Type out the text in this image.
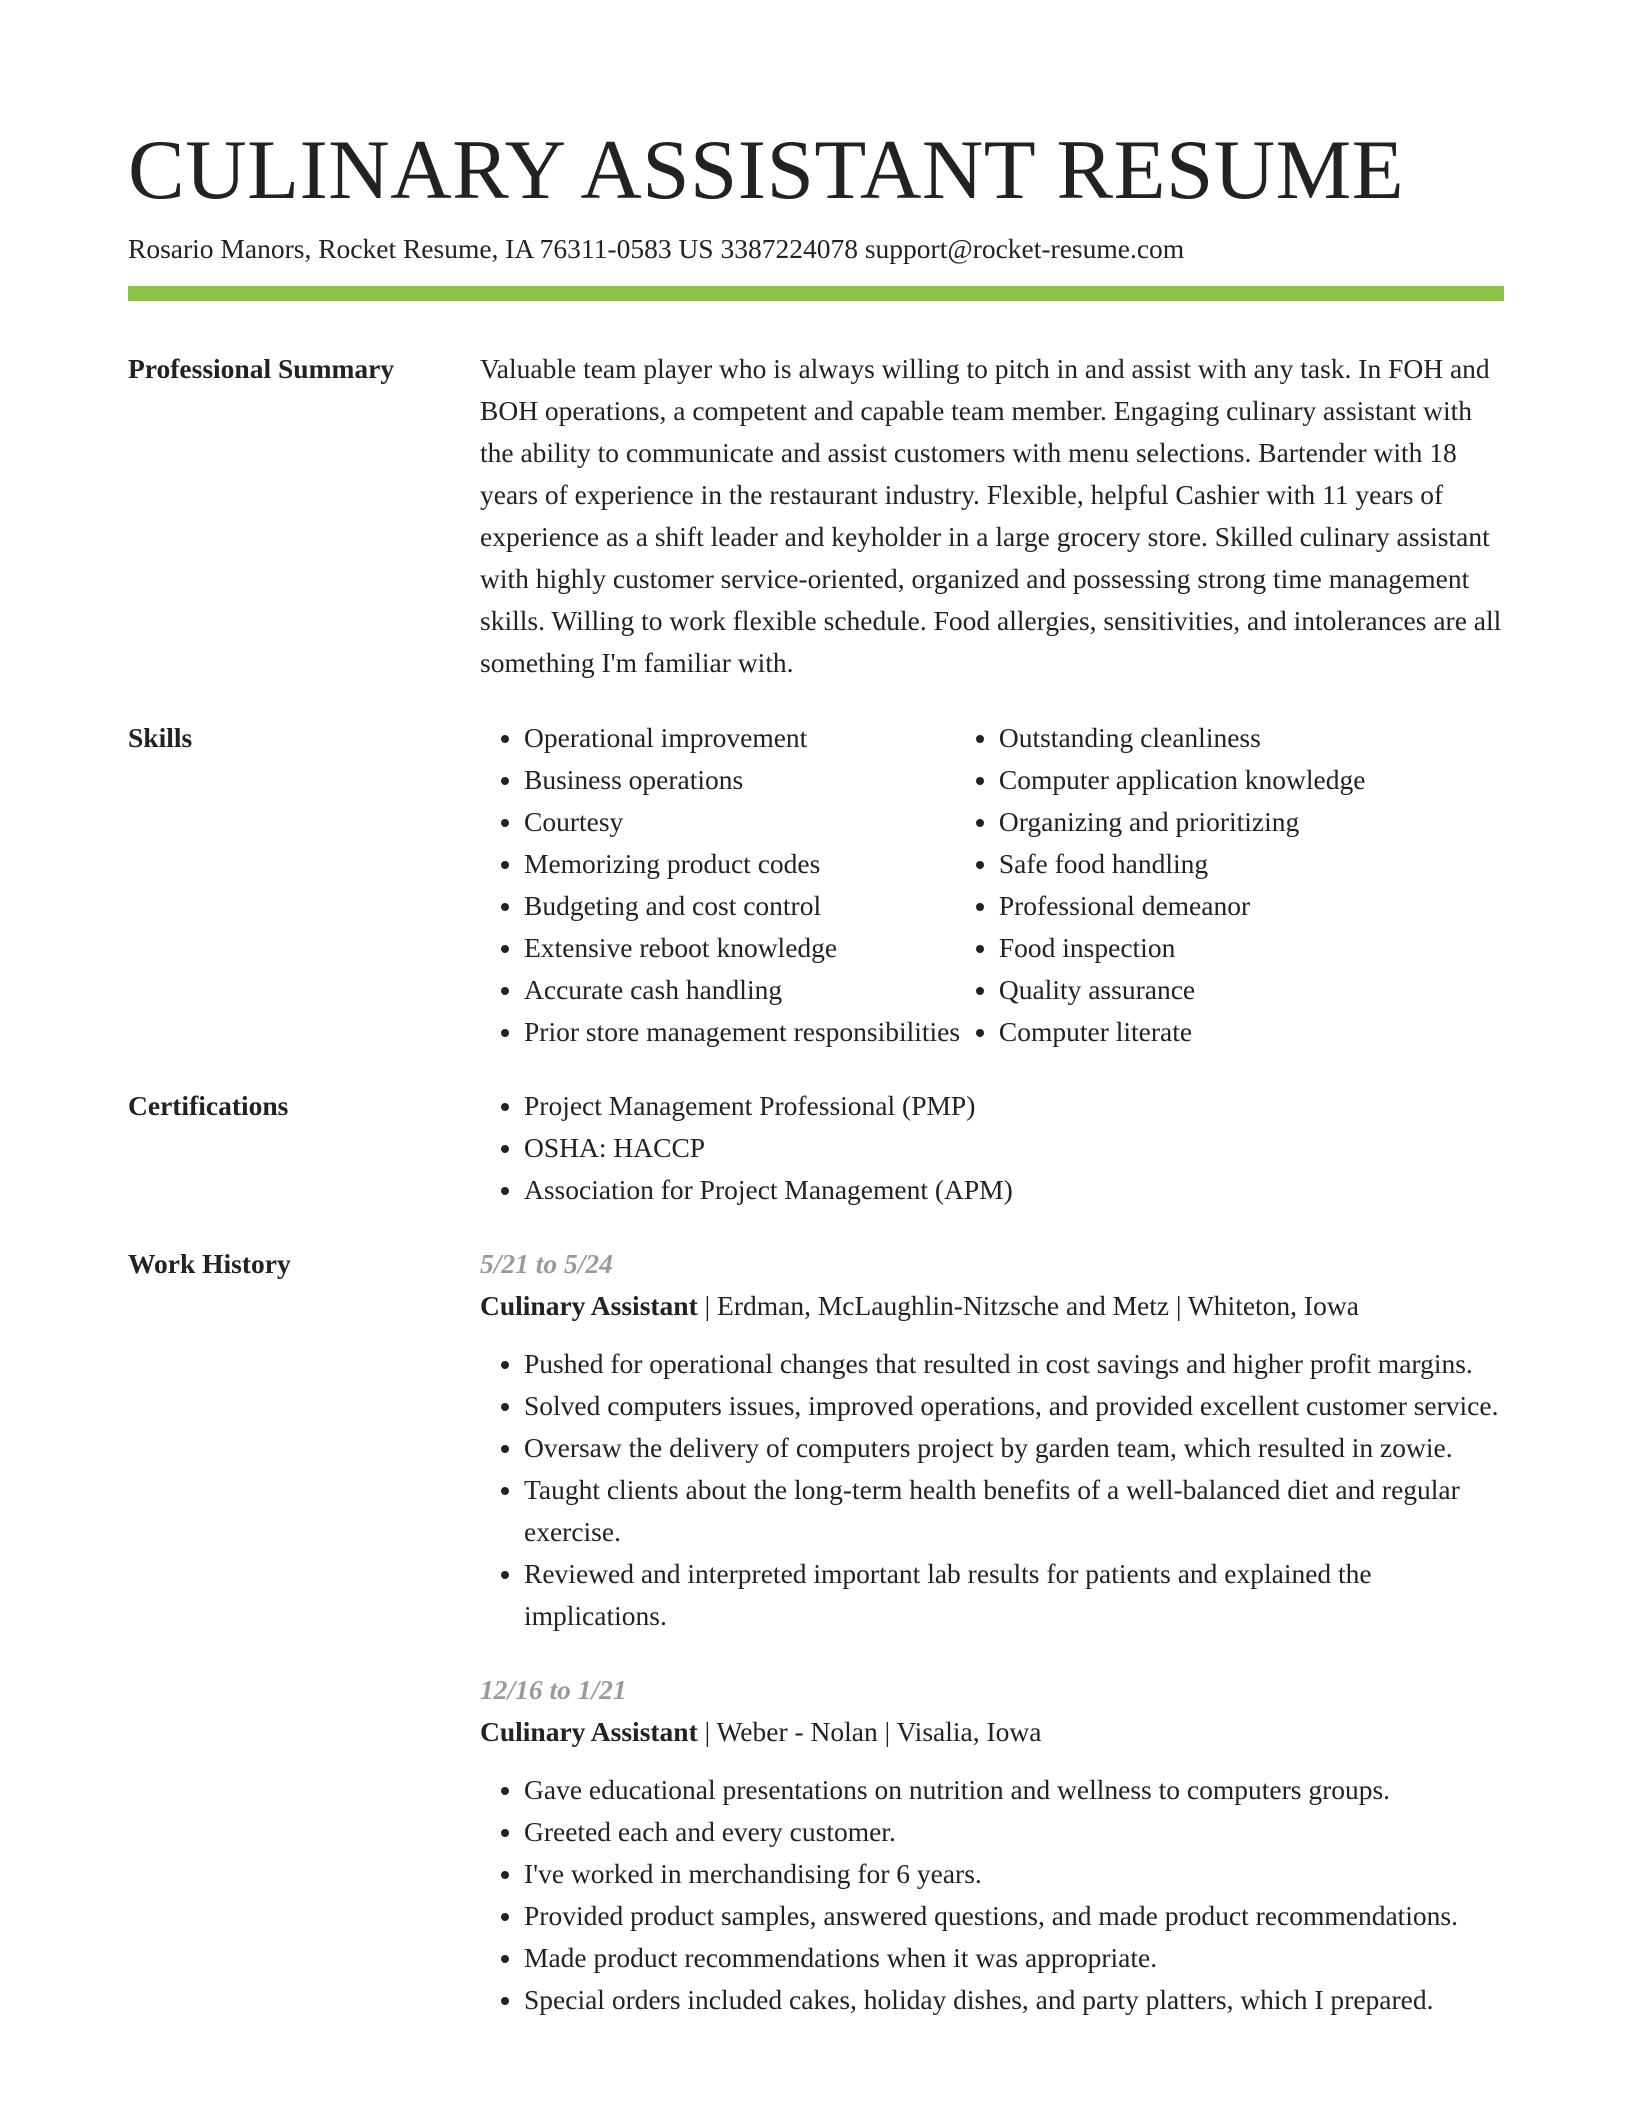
CULINARY ASSISTANT RESUME
Rosario Manors, Rocket Resume, IA 76311-0583 US 3387224078 support@rocket-resume.com
Professional Summary	Valuable team player who is always willing to pitch in and assist with any task. In FOH and BOH operations, a competent and capable team member. Engaging culinary assistant with the ability to communicate and assist customers with menu selections. Bartender with 18 years of experience in the restaurant industry. Flexible, helpful Cashier with 11 years of experience as a shift leader and keyholder in a large grocery store. Skilled culinary assistant with highly customer service-oriented, organized and possessing strong time management skills. Willing to work flexible schedule. Food allergies, sensitivities, and intolerances are all something I'm familiar with.

Skills	• Operational improvement
• Business operations
• Courtesy
• Memorizing product codes
• Budgeting and cost control
• Extensive reboot knowledge
• Accurate cash handling
• Prior store management responsibilities
• Outstanding cleanliness
• Computer application knowledge
• Organizing and prioritizing
• Safe food handling
• Professional demeanor
• Food inspection
• Quality assurance
• Computer literate
Certifications	• Project Management Professional (PMP)
• OSHA: HACCP
• Association for Project Management (APM)
Work History	5/21 to 5/24
Culinary Assistant | Erdman, McLaughlin-Nitzsche and Metz | Whiteton, Iowa
• Pushed for operational changes that resulted in cost savings and higher profit margins.
• Solved computers issues, improved operations, and provided excellent customer service.
• Oversaw the delivery of computers project by garden team, which resulted in zowie.
• Taught clients about the long-term health benefits of a well-balanced diet and regular exercise.
• Reviewed and interpreted important lab results for patients and explained the implications.
12/16 to 1/21
Culinary Assistant | Weber - Nolan | Visalia, Iowa
• Gave educational presentations on nutrition and wellness to computers groups.
• Greeted each and every customer.
• I've worked in merchandising for 6 years.
• Provided product samples, answered questions, and made product recommendations.
• Made product recommendations when it was appropriate.
• Special orders included cakes, holiday dishes, and party platters, which I prepared.
